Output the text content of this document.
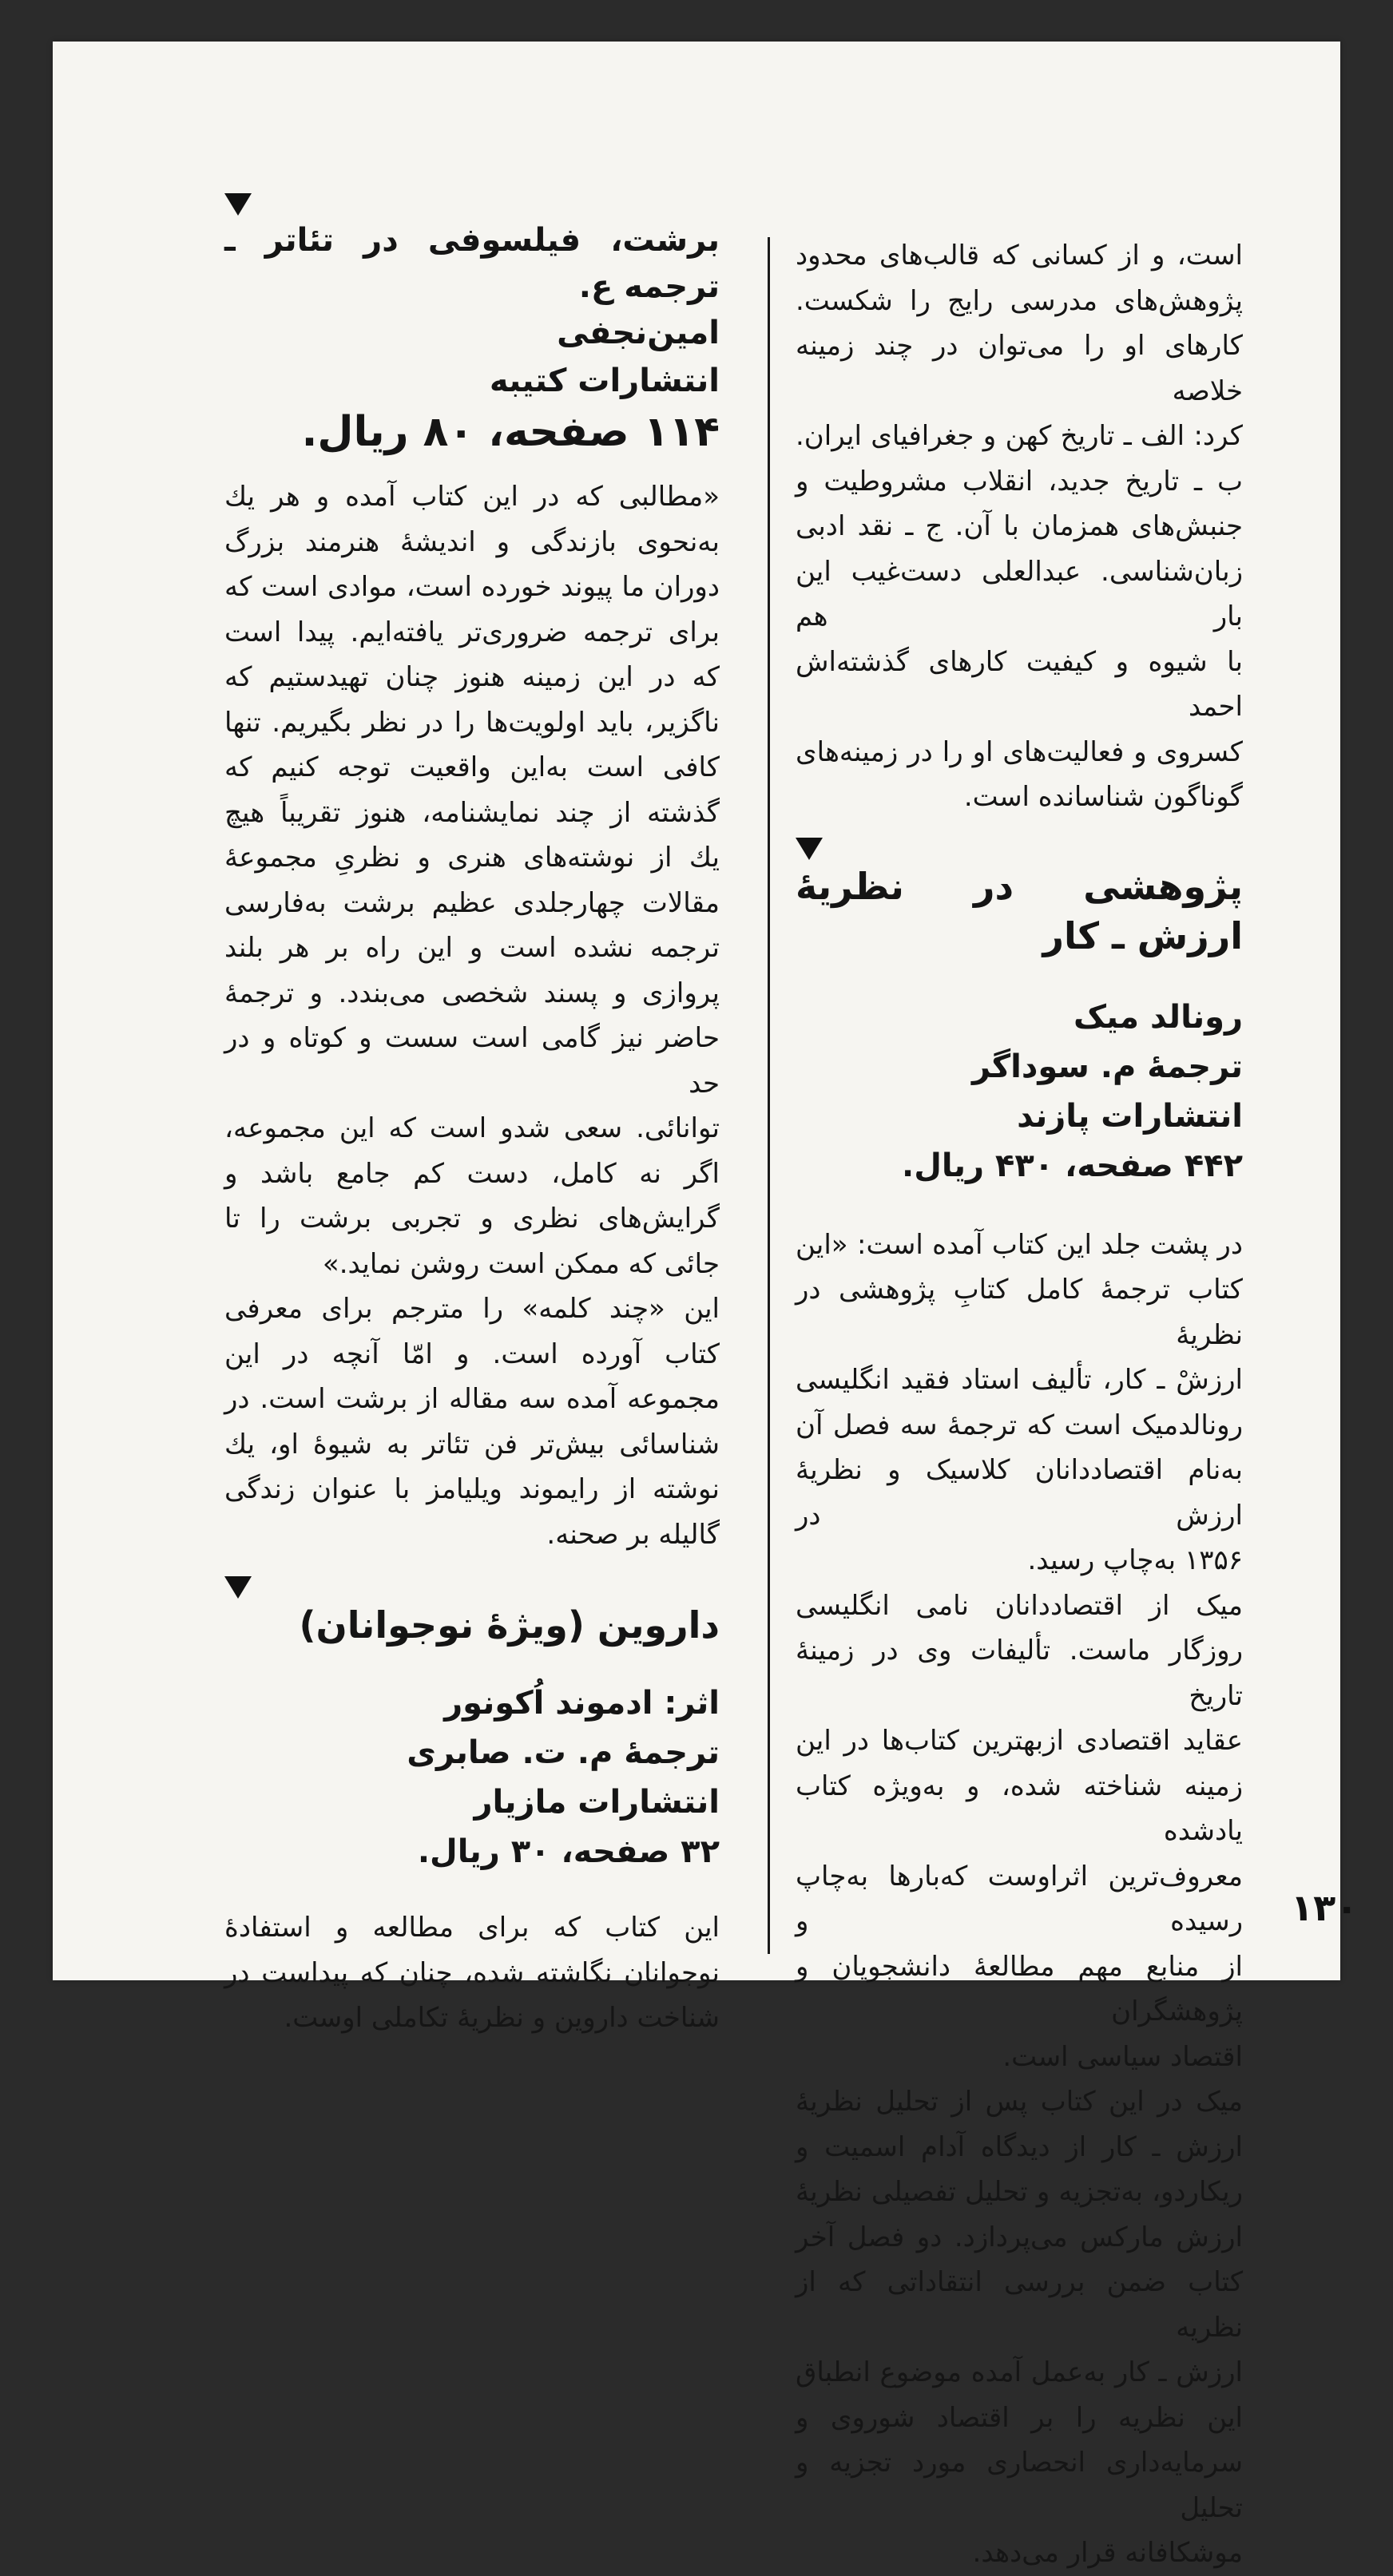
است، و از کسانی که قالب‌های محدود
پژوهش‌های مدرسی رایج را شکست.
کارهای او را می‌توان در چند زمینه خلاصه
کرد: الف ـ تاریخ کهن و جغرافیای ایران.
ب ـ تاریخ جدید، انقلاب مشروطیت و
جنبش‌های همزمان با آن. ج ـ نقد ادبی
زبان‌شناسی. عبدالعلی دست‌غیب این بار هم
با شیوه و کیفیت کارهای گذشته‌اش احمد
کسروی و فعالیت‌های او را در زمینه‌های
گوناگون شناسانده است.

پژوهشی در نظریهٔ ارزش ـ کار

رونالد میک

ترجمهٔ م. سوداگر

انتشارات پازند

۴۴۲ صفحه، ۴۳۰ ریال.

در پشت جلد این کتاب آمده است: «این
کتاب ترجمهٔ کامل کتابِ پژوهشی در نظریهٔ
ارزشْ ـ کار، تألیف استاد فقید انگلیسی
رونالدمیک است که ترجمهٔ سه فصل آن
به‌نام اقتصاددانان کلاسیک و نظریهٔ ارزش در
۱۳۵۶ به‌چاپ رسید.
میک از اقتصاددانان نامی انگلیسی
روزگار ماست. تألیفات وی در زمینهٔ تاریخ
عقاید اقتصادی ازبهترین کتاب‌ها در این
زمینه شناخته شده، و به‌ویژه کتاب یادشده
معروف‌ترین اثراوست که‌بارها به‌چاپ رسیده و
از منابع مهم مطالعهٔ دانشجویان و پژوهشگران
اقتصاد سیاسی است.
میک در این کتاب پس از تحلیل نظریهٔ
ارزش ـ کار از دیدگاه آدام اسمیت و
ریکاردو، به‌تجزیه و تحلیل تفصیلی نظریهٔ
ارزش مارکس می‌پردازد. دو فصل آخر
کتاب ضمن بررسی انتقاداتی که از نظریه
ارزش ـ کار به‌عمل آمده موضوع انطباق
این نظریه را بر اقتصاد شوروی و
سرمایه‌داری انحصاری مورد تجزیه و تحلیل
موشکافانه قرار می‌دهد.
برشت، فیلسوفی در تئاتر ـ ترجمه ع.
امین‌نجفی

انتشارات کتیبه

۱۱۴ صفحه، ۸۰ ریال.

«مطالبی که در این کتاب آمده و هر یك
به‌نحوی بازندگی و اندیشهٔ هنرمند بزرگ
دوران ما پیوند خورده است، موادی است که
برای ترجمه ضروری‌تر یافته‌ایم. پیدا است
که در این زمینه هنوز چنان تهیدستیم که
ناگزیر، باید اولویت‌ها را در نظر بگیریم. تنها
کافی است به‌این واقعیت توجه کنیم که
گذشته از چند نمایشنامه، هنوز تقریباً هیچ
یك از نوشته‌های هنری و نظریِ مجموعهٔ
مقالات چهارجلدی عظیم برشت به‌فارسی
ترجمه نشده است و این راه بر هر بلند
پروازی و پسند شخصی می‌بندد. و ترجمهٔ
حاضر نیز گامی است سست و کوتاه و در حد
توانائی. سعی شدو است که این مجموعه،
اگر نه کامل، دست کم جامع باشد و
گرایش‌های نظری و تجربی برشت را تا
جائی که ممکن است روشن نماید.»
این «چند کلمه» را مترجم برای معرفی
کتاب آورده است. و امّا آنچه در این
مجموعه آمده سه مقاله از برشت است. در
شناسائی بیش‌تر فن تئاتر به شیوهٔ او، یك
نوشته از رایموند ویلیامز با عنوان زندگی
گالیله بر صحنه.

داروین (ویژهٔ نوجوانان)

اثر: ادموند اُکونور

ترجمهٔ م. ت. صابری

انتشارات مازیار

۳۲ صفحه، ۳۰ ریال.

این کتاب که برای مطالعه و استفادهٔ
نوجوانان نگاشته شده، چنان که پیداست در
شناخت داروین و نظریهٔ تکاملی اوست.
۱۳۰
